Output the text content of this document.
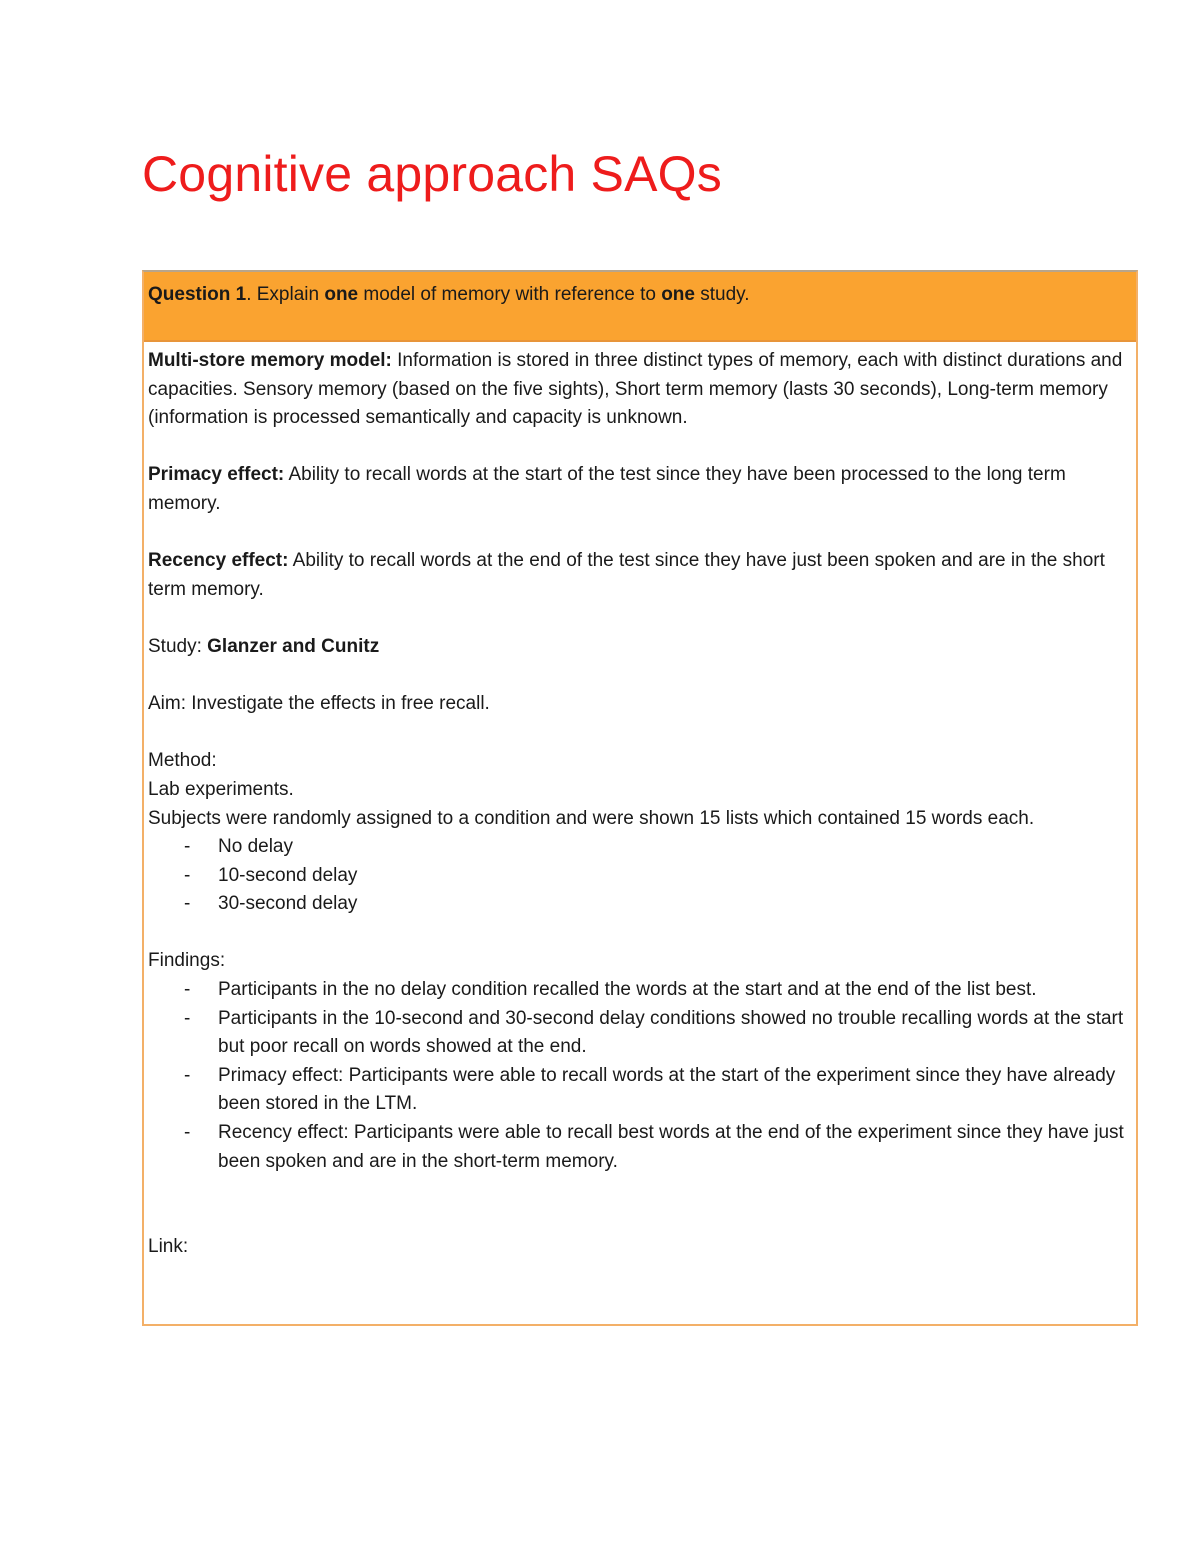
Cognitive approach SAQs
Question 1. Explain one model of memory with reference to one study.

Multi-store memory model: Information is stored in three distinct types of memory, each with distinct durations and capacities. Sensory memory (based on the five sights), Short term memory (lasts 30 seconds), Long-term memory (information is processed semantically and capacity is unknown.

Primacy effect: Ability to recall words at the start of the test since they have been processed to the long term memory.

Recency effect: Ability to recall words at the end of the test since they have just been spoken and are in the short term memory.

Study: Glanzer and Cunitz

Aim: Investigate the effects in free recall.

Method:

Lab experiments.

Subjects were randomly assigned to a condition and were shown 15 lists which contained 15 words each.

- No delay
- 10-second delay
- 30-second delay

Findings:

- Participants in the no delay condition recalled the words at the start and at the end of the list best.
- Participants in the 10-second and 30-second delay conditions showed no trouble recalling words at the start but poor recall on words showed at the end.
- Primacy effect: Participants were able to recall words at the start of the experiment since they have already been stored in the LTM.
- Recency effect: Participants were able to recall best words at the end of the experiment since they have just been spoken and are in the short-term memory.

Link:
